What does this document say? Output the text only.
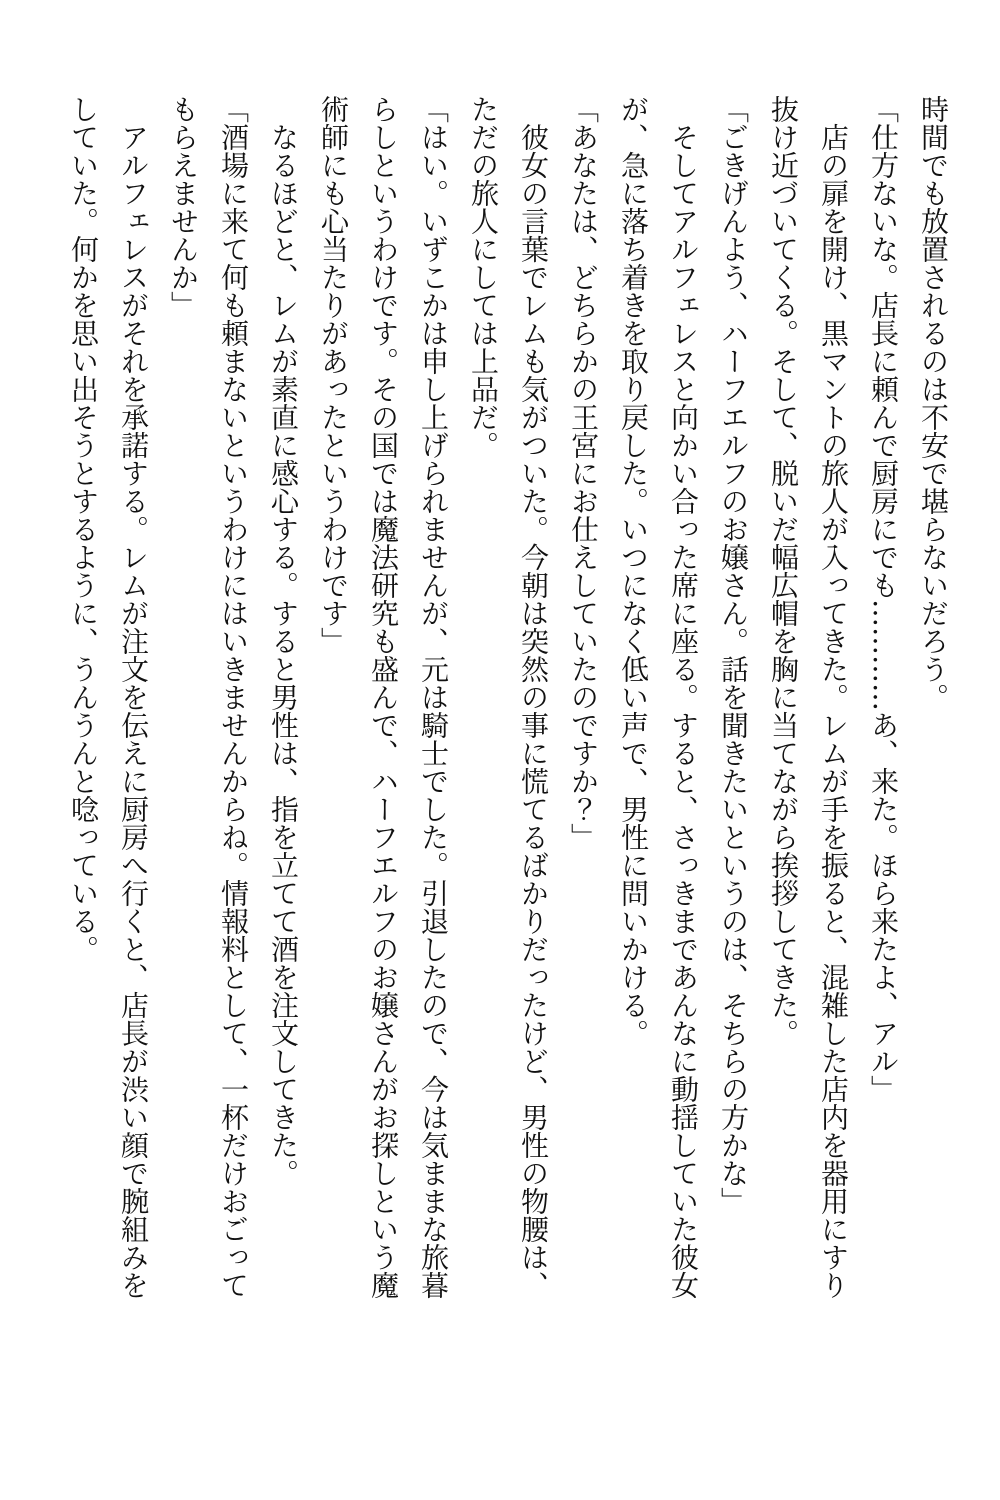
時間でも放置されるのは不安で堪らないだろう。

「仕方ないな。店長に頼んで厨房にでも…………あ、来た。ほら来たよ、アル」

店の扉を開け、黒マントの旅人が入ってきた。レムが手を振ると、混雑した店内を器用にすり抜け近づいてくる。そして、脱いだ幅広帽を胸に当てながら挨拶してきた。

「ごきげんよう、ハーフエルフのお嬢さん。話を聞きたいというのは、そちらの方かな」

そしてアルフェレスと向かい合った席に座る。すると、さっきまであんなに動揺していた彼女が、急に落ち着きを取り戻した。いつになく低い声で、男性に問いかける。

「あなたは、どちらかの王宮にお仕えしていたのですか？」

彼女の言葉でレムも気がついた。今朝は突然の事に慌てるばかりだったけど、男性の物腰は、ただの旅人にしては上品だ。

「はい。いずこかは申し上げられませんが、元は騎士でした。引退したので、今は気ままな旅暮らしというわけです。その国では魔法研究も盛んで、ハーフエルフのお嬢さんがお探しという魔術師にも心当たりがあったというわけです」

なるほどと、レムが素直に感心する。すると男性は、指を立てて酒を注文してきた。

「酒場に来て何も頼まないというわけにはいきませんからね。情報料として、一杯だけおごってもらえませんか」

アルフェレスがそれを承諾する。レムが注文を伝えに厨房へ行くと、店長が渋い顔で腕組みをしていた。何かを思い出そうとするように、うんうんと唸っている。
